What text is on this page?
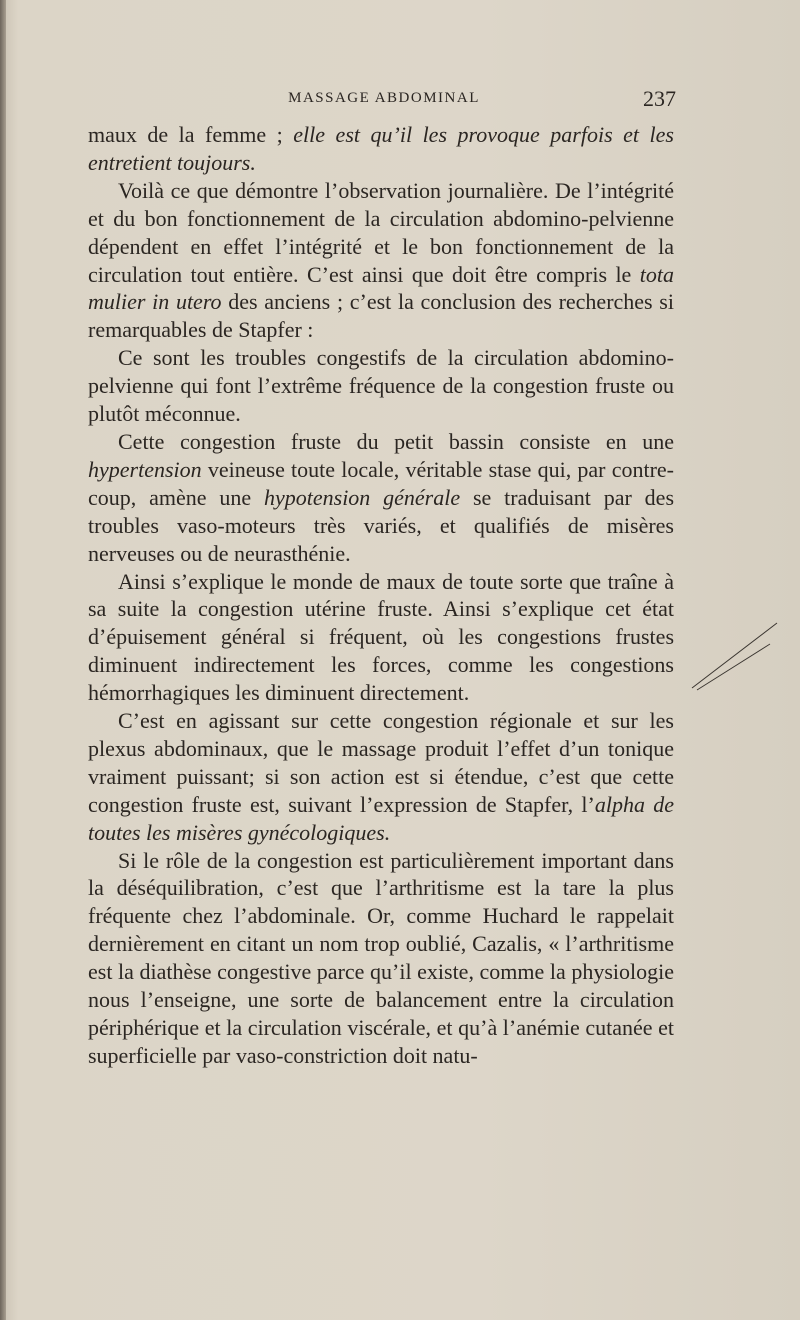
MASSAGE ABDOMINAL	237

maux de la femme ; elle est qu’il les provoque parfois et les entretient toujours.

Voilà ce que démontre l’observation journalière. De l’intégrité et du bon fonctionnement de la circulation abdomino-pelvienne dépendent en effet l’intégrité et le bon fonctionnement de la circulation tout entière. C’est ainsi que doit être compris le tota mulier in utero des anciens ; c’est la conclusion des recherches si remarquables de Stapfer :

Ce sont les troubles congestifs de la circulation abdomino-pelvienne qui font l’extrême fréquence de la congestion fruste ou plutôt méconnue.

Cette congestion fruste du petit bassin consiste en une hypertension veineuse toute locale, véritable stase qui, par contre-coup, amène une hypotension générale se traduisant par des troubles vaso-moteurs très variés, et qualifiés de misères nerveuses ou de neurasthénie.

Ainsi s’explique le monde de maux de toute sorte que traîne à sa suite la congestion utérine fruste. Ainsi s’explique cet état d’épuisement général si fréquent, où les congestions frustes diminuent indirectement les forces, comme les congestions hémorrhagiques les diminuent directement.

C’est en agissant sur cette congestion régionale et sur les plexus abdominaux, que le massage produit l’effet d’un tonique vraiment puissant; si son action est si étendue, c’est que cette congestion fruste est, suivant l’expression de Stapfer, l’alpha de toutes les misères gynécologiques.

Si le rôle de la congestion est particulièrement important dans la déséquilibration, c’est que l’arthritisme est la tare la plus fréquente chez l’abdominale. Or, comme Huchard le rappelait dernièrement en citant un nom trop oublié, Cazalis, « l’arthritisme est la diathèse congestive parce qu’il existe, comme la physiologie nous l’enseigne, une sorte de balancement entre la circulation périphérique et la circulation viscérale, et qu’à l’anémie cutanée et superficielle par vaso-constriction doit natu-
